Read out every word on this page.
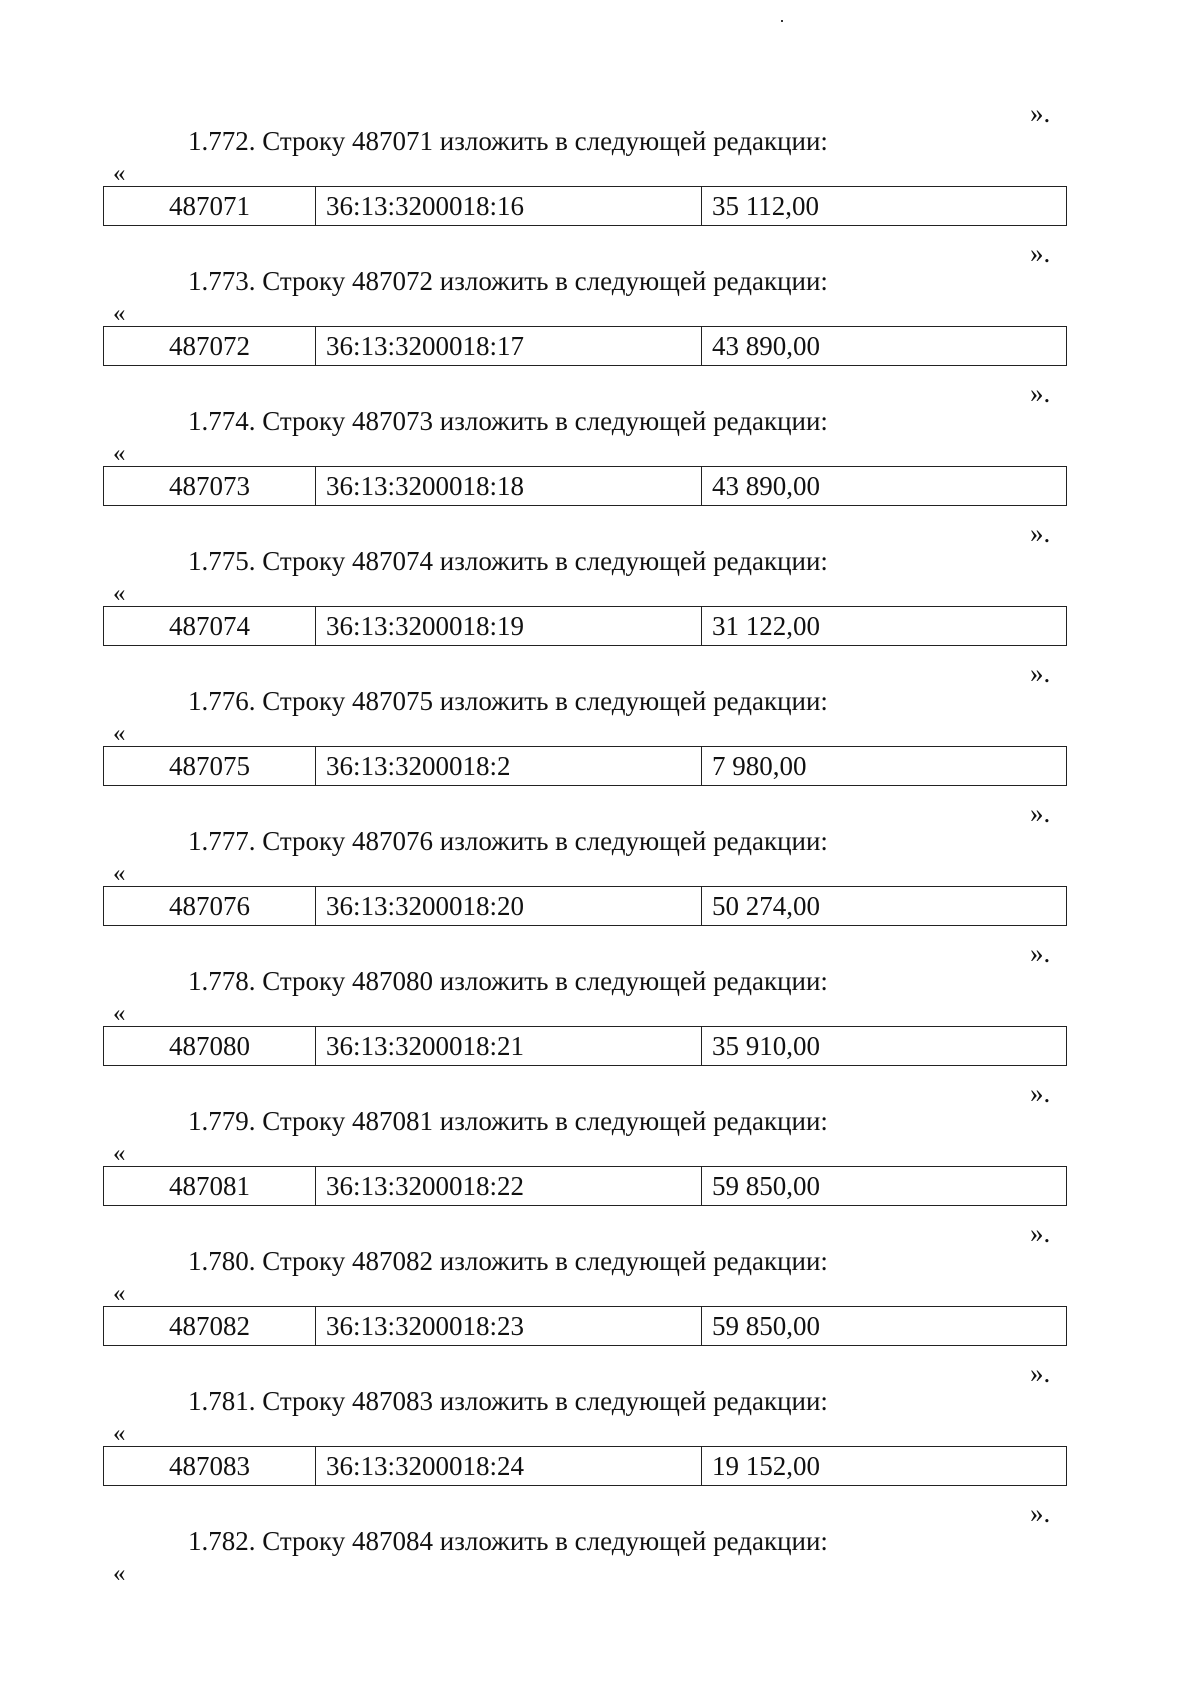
».
1.772. Строку 487071 изложить в следующей редакции:
«
487071	36:13:3200018:16	35 112,00
».
1.773. Строку 487072 изложить в следующей редакции:
«
487072	36:13:3200018:17	43 890,00
».
1.774. Строку 487073 изложить в следующей редакции:
«
487073	36:13:3200018:18	43 890,00
».
1.775. Строку 487074 изложить в следующей редакции:
«
487074	36:13:3200018:19	31 122,00
».
1.776. Строку 487075 изложить в следующей редакции:
«
487075	36:13:3200018:2	7 980,00
».
1.777. Строку 487076 изложить в следующей редакции:
«
487076	36:13:3200018:20	50 274,00
».
1.778. Строку 487080 изложить в следующей редакции:
«
487080	36:13:3200018:21	35 910,00
».
1.779. Строку 487081 изложить в следующей редакции:
«
487081	36:13:3200018:22	59 850,00
».
1.780. Строку 487082 изложить в следующей редакции:
«
487082	36:13:3200018:23	59 850,00
».
1.781. Строку 487083 изложить в следующей редакции:
«
487083	36:13:3200018:24	19 152,00
».
1.782. Строку 487084 изложить в следующей редакции:
«
